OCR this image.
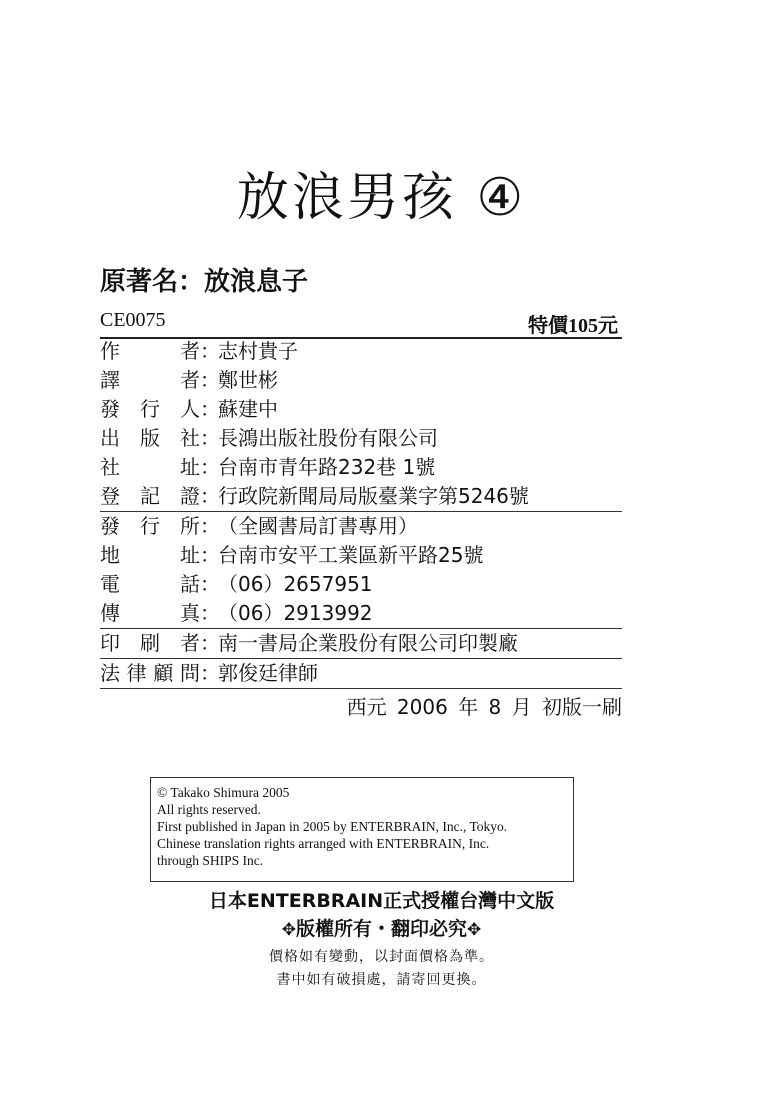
放浪男孩 ④
原著名：放浪息子
CE0075	特價105元
作者：志村貴子
譯者：鄭世彬
發行人：蘇建中
出版社：長鴻出版社股份有限公司
社址：台南市青年路232巷 1號
登記證：行政院新聞局局版臺業字第5246號
發行所：（全國書局訂書專用）
地址：台南市安平工業區新平路25號
電話：（06）2657951
傳真：（06）2913992
印刷者：南一書局企業股份有限公司印製廠
法律顧問：郭俊廷律師
西元 2006 年 8 月 初版一刷
© Takako Shimura 2005
All rights reserved.
First published in Japan in 2005 by ENTERBRAIN, Inc., Tokyo.
Chinese translation rights arranged with ENTERBRAIN, Inc.
through SHIPS Inc.
日本ENTERBRAIN正式授權台灣中文版
✥版權所有・翻印必究✥
價格如有變動，以封面價格為準。
書中如有破損處，請寄回更換。
